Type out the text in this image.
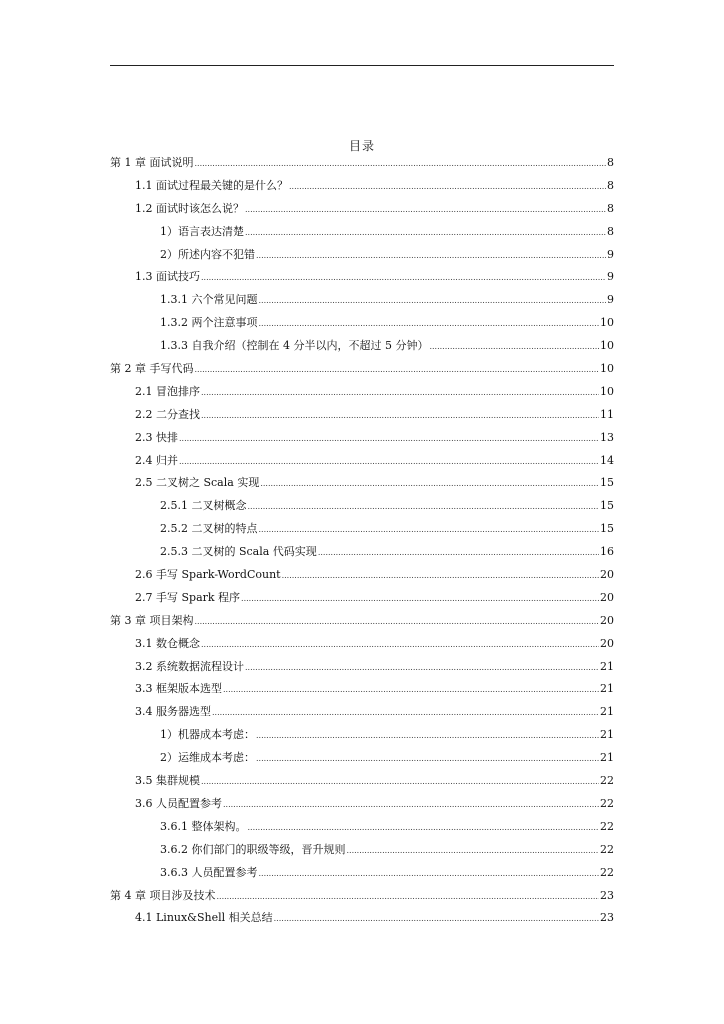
目录
第 1 章 面试说明 .....	8
1.1 面试过程最关键的是什么？ .....	8
1.2 面试时该怎么说？ .....	8
1）语言表达清楚 .....	8
2）所述内容不犯错 .....	9
1.3 面试技巧 .....	9
1.3.1 六个常见问题 .....	9
1.3.2 两个注意事项 .....	10
1.3.3 自我介绍（控制在 4 分半以内，不超过 5 分钟） .....	10
第 2 章 手写代码 .....	10
2.1 冒泡排序 .....	10
2.2 二分查找 .....	11
2.3 快排 .....	13
2.4 归并 .....	14
2.5 二叉树之 Scala 实现 .....	15
2.5.1 二叉树概念 .....	15
2.5.2 二叉树的特点 .....	15
2.5.3 二叉树的 Scala 代码实现 .....	16
2.6 手写 Spark-WordCount .....	20
2.7 手写 Spark 程序 .....	20
第 3 章 项目架构 .....	20
3.1 数仓概念 .....	20
3.2 系统数据流程设计 .....	21
3.3 框架版本选型 .....	21
3.4 服务器选型 .....	21
1）机器成本考虑： .....	21
2）运维成本考虑： .....	21
3.5 集群规模 .....	22
3.6 人员配置参考 .....	22
3.6.1 整体架构。 .....	22
3.6.2 你们部门的职级等级，晋升规则 .....	22
3.6.3 人员配置参考 .....	22
第 4 章 项目涉及技术 .....	23
4.1 Linux&Shell 相关总结 .....	23
